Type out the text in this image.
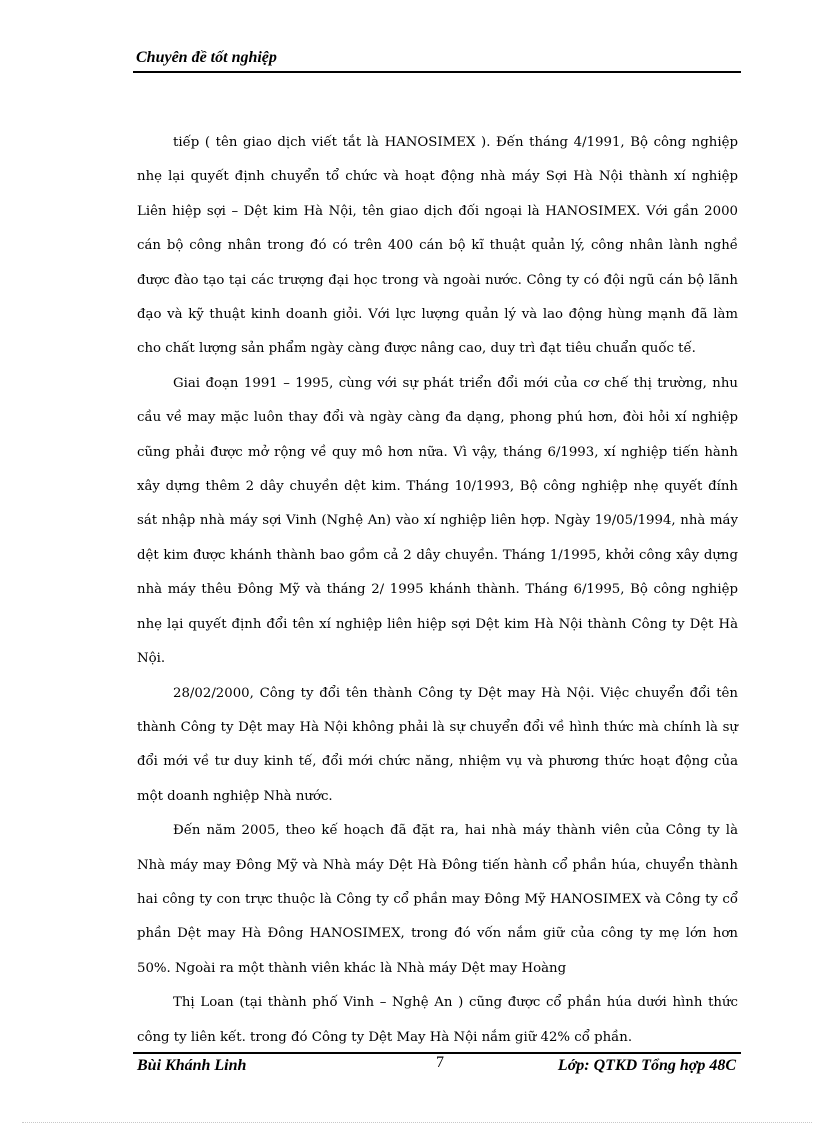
Chuyên đề tốt nghiệp

tiếp ( tên giao dịch viết tắt là HANOSIMEX ). Đến tháng 4/1991, Bộ công nghiệp nhẹ lại quyết định chuyển tổ chức và hoạt động nhà máy Sợi Hà Nội thành xí nghiệp Liên hiệp sợi – Dệt kim Hà Nội, tên giao dịch đối ngoại là HANOSIMEX. Với gần 2000 cán bộ công nhân trong đó có trên 400 cán bộ kĩ thuật quản lý, công nhân lành nghề được đào tạo tại các trượng đại học trong và ngoài nước. Công ty có đội ngũ cán bộ lãnh đạo và kỹ thuật kinh doanh giỏi. Với lực lượng quản lý và lao động hùng mạnh đã làm cho chất lượng sản phẩm ngày càng được nâng cao, duy trì đạt tiêu chuẩn quốc tế.

Giai đoạn 1991 – 1995, cùng với sự phát triển đổi mới của cơ chế thị trường, nhu cầu về may mặc luôn thay đổi và ngày càng đa dạng, phong phú hơn, đòi hỏi xí nghiệp cũng phải được mở rộng về quy mô hơn nữa. Vì vậy, tháng 6/1993, xí nghiệp tiến hành xây dựng thêm 2 dây chuyền dệt kim. Tháng 10/1993, Bộ công nghiệp nhẹ quyết đính sát nhập nhà máy sợi Vinh (Nghệ An) vào xí nghiệp liên hợp. Ngày 19/05/1994, nhà máy dệt kim được khánh thành bao gồm cả 2 dây chuyền. Tháng 1/1995, khởi công xây dựng nhà máy thêu Đông Mỹ và tháng 2/ 1995 khánh thành. Tháng 6/1995, Bộ công nghiệp nhẹ lại quyết định đổi tên xí nghiệp liên hiệp sợi Dệt kim Hà Nội thành Công ty Dệt Hà Nội.

28/02/2000, Công ty đổi tên thành Công ty Dệt may Hà Nội. Việc chuyển đổi tên thành Công ty Dệt may Hà Nội không phải là sự chuyển đổi về hình thức mà chính là sự đổi mới về tư duy kinh tế, đổi mới chức năng, nhiệm vụ và phương thức hoạt động của một doanh nghiệp Nhà nước.

Đến năm 2005, theo kế hoạch đã đặt ra, hai nhà máy thành viên của Công ty là Nhà máy may Đông Mỹ và Nhà máy Dệt Hà Đông tiến hành cổ phần húa, chuyển thành hai công ty con trực thuộc là Công ty cổ phần may Đông Mỹ HANOSIMEX và Công ty cổ phần Dệt may Hà Đông HANOSIMEX, trong đó vốn nắm giữ của công ty mẹ lớn hơn 50%. Ngoài ra một thành viên khác là Nhà máy Dệt may Hoàng

Thị Loan (tại thành phố Vinh – Nghệ An ) cũng được cổ phần húa dưới hình thức công ty liên kết. trong đó Công ty Dệt May Hà Nội nắm giữ 42% cổ phần.

Bùi Khánh Linh	7	Lớp: QTKD Tổng hợp 48C
